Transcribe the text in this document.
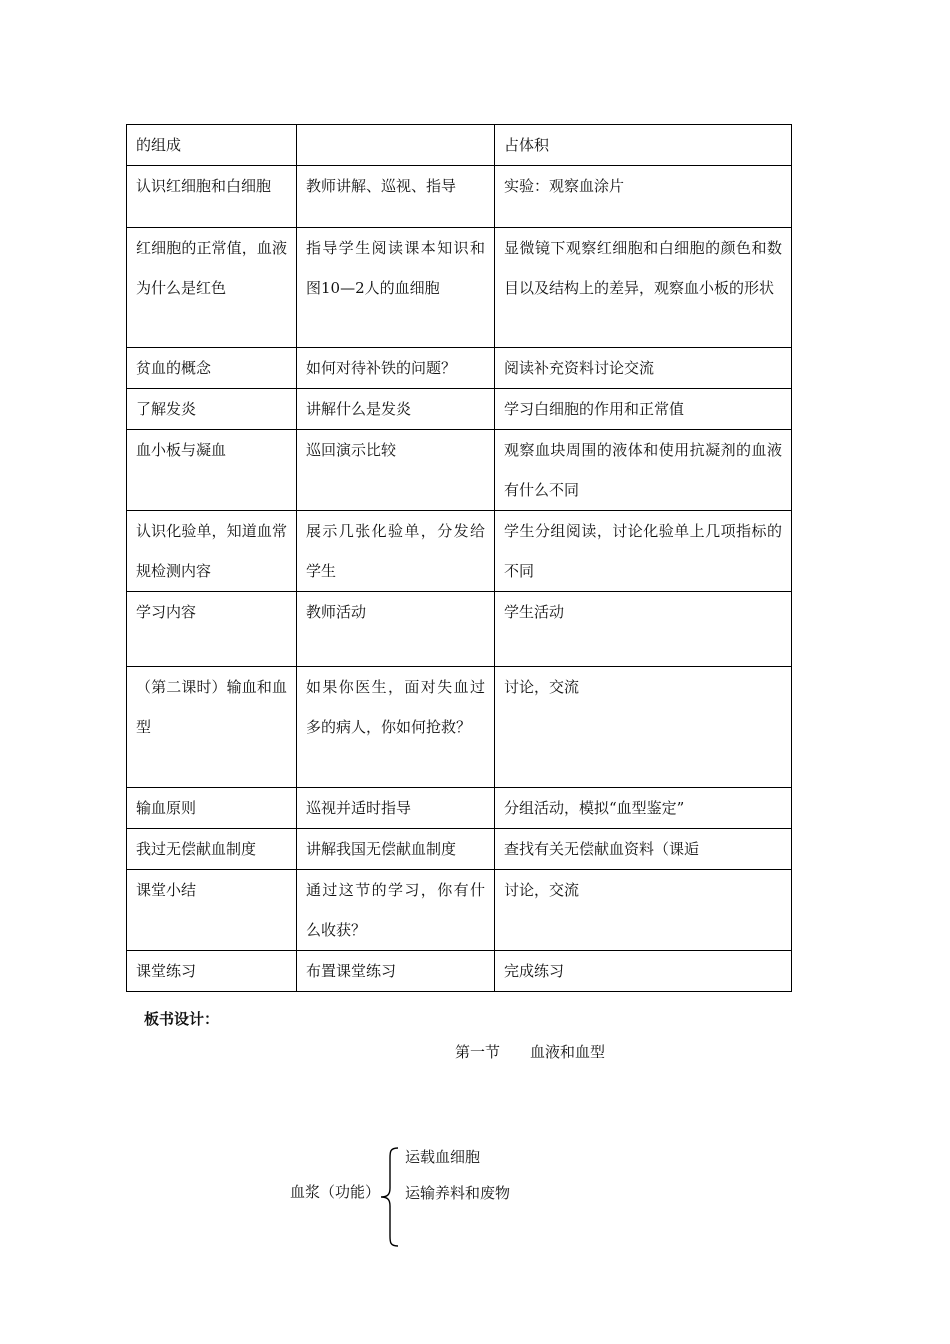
的组成		占体积
认识红细胞和白细胞	教师讲解、巡视、指导	实验：观察血涂片
红细胞的正常值，血液为什么是红色	指导学生阅读课本知识和图10—2人的血细胞	显微镜下观察红细胞和白细胞的颜色和数目以及结构上的差异，观察血小板的形状
贫血的概念	如何对待补铁的问题？	阅读补充资料讨论交流
了解发炎	讲解什么是发炎	学习白细胞的作用和正常值
血小板与凝血	巡回演示比较	观察血块周围的液体和使用抗凝剂的血液有什么不同
认识化验单，知道血常规检测内容	展示几张化验单，分发给学生	学生分组阅读，讨论化验单上几项指标的不同
学习内容	教师活动	学生活动
（第二课时）输血和血型	如果你医生，面对失血过多的病人，你如何抢救？	讨论，交流
输血原则	巡视并适时指导	分组活动，模拟“血型鉴定”
我过无偿献血制度	讲解我国无偿献血制度	查找有关无偿献血资料（课逅
课堂小结	通过这节的学习，你有什么收获？	讨论，交流
课堂练习	布置课堂练习	完成练习
板书设计：
第一节　　血液和血型
血浆（功能）
运载血细胞
运输养料和废物
